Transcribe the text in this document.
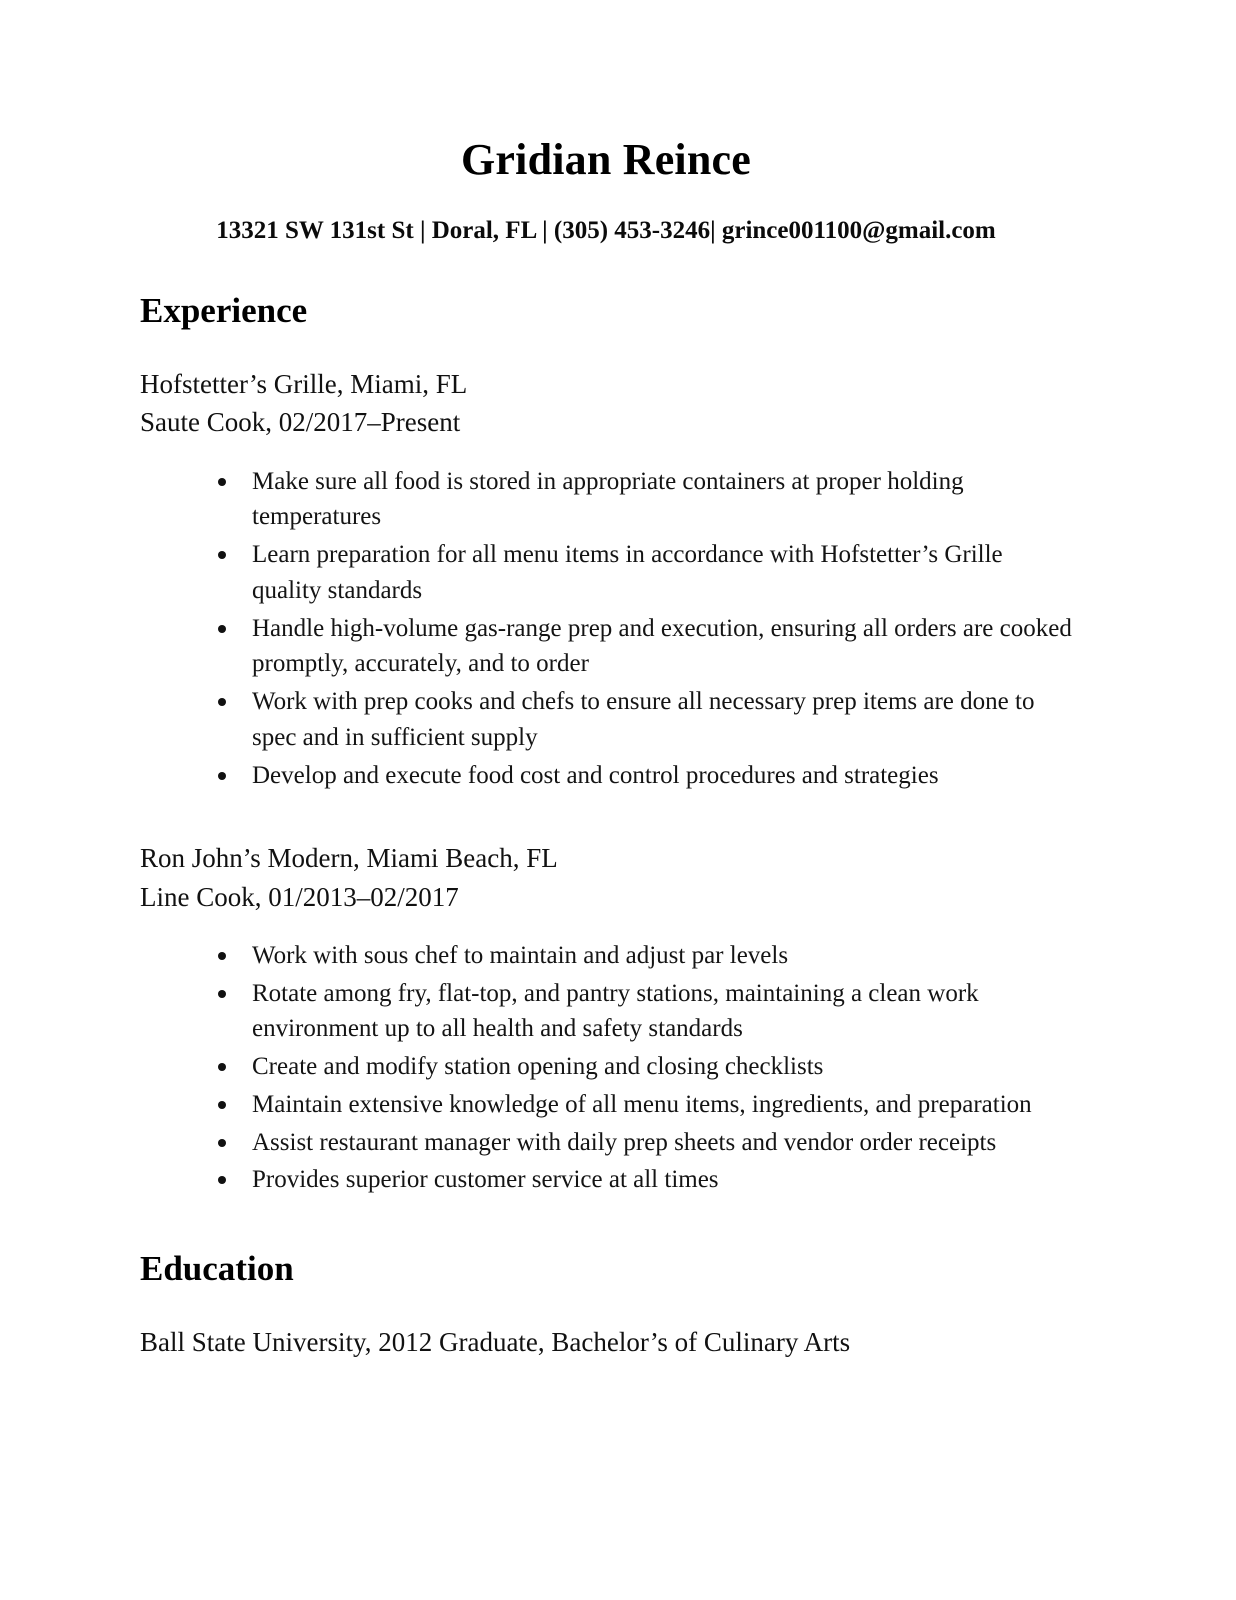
Gridian Reince
13321 SW 131st St | Doral, FL | (305) 453-3246| grince001100@gmail.com
Experience
Hofstetter’s Grille, Miami, FL
Saute Cook, 02/2017–Present
Make sure all food is stored in appropriate containers at proper holding temperatures
Learn preparation for all menu items in accordance with Hofstetter’s Grille quality standards
Handle high-volume gas-range prep and execution, ensuring all orders are cooked promptly, accurately, and to order
Work with prep cooks and chefs to ensure all necessary prep items are done to spec and in sufficient supply
Develop and execute food cost and control procedures and strategies
Ron John’s Modern, Miami Beach, FL
Line Cook, 01/2013–02/2017
Work with sous chef to maintain and adjust par levels
Rotate among fry, flat-top, and pantry stations, maintaining a clean work environment up to all health and safety standards
Create and modify station opening and closing checklists
Maintain extensive knowledge of all menu items, ingredients, and preparation
Assist restaurant manager with daily prep sheets and vendor order receipts
Provides superior customer service at all times
Education
Ball State University, 2012 Graduate, Bachelor’s of Culinary Arts
